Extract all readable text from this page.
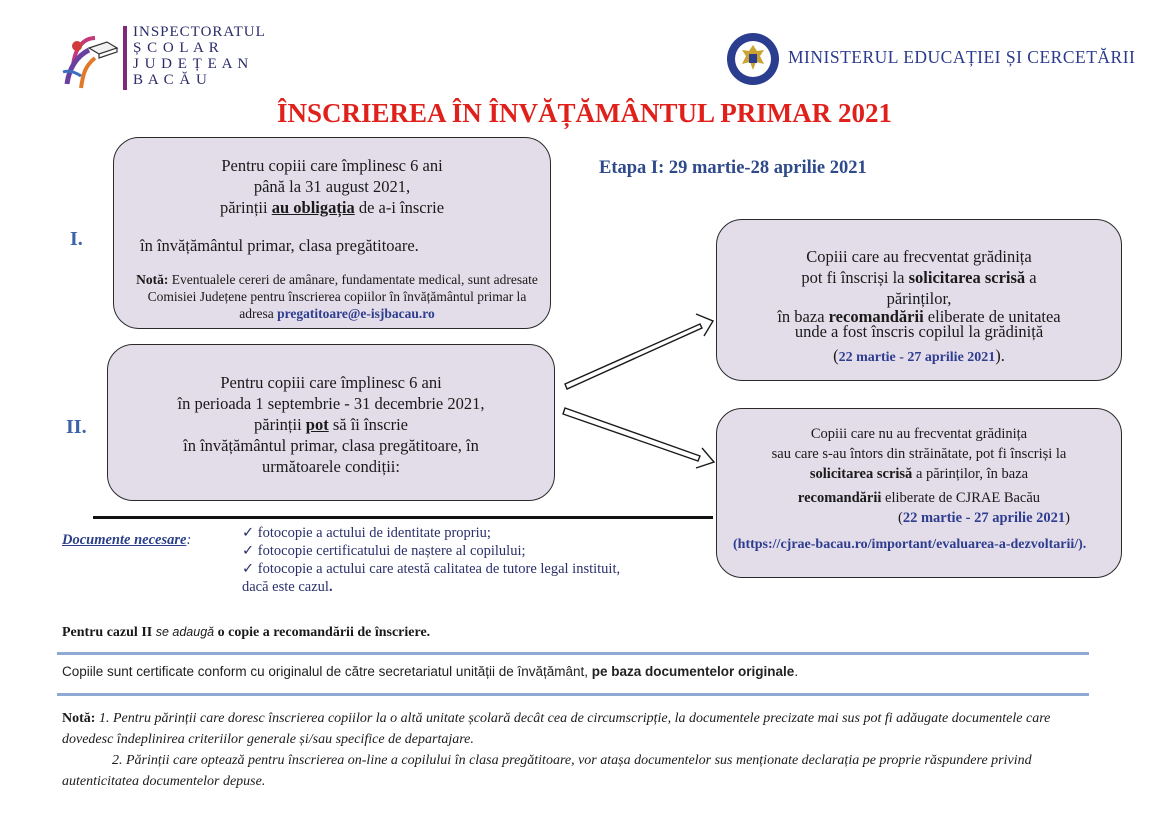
INSPECTORATUL
Ș C O L A R
J U D E Ț E A N
B A C Ă U
MINISTERUL EDUCAȚIEI ȘI CERCETĂRII
ÎNSCRIEREA ÎN ÎNVĂȚĂMÂNTUL PRIMAR 2021
Etapa I: 29 martie-28 aprilie 2021
I.
II.

Pentru copiii care împlinesc 6 ani

până la 31 august 2021,

părinții au obligația de a-i înscrie

în învățământul primar, clasa pregătitoare.
Notă: Eventualele cereri de amânare, fundamentate medical, sunt adresate Comisiei Județene pentru înscrierea copiilor în învățământul primar la adresa pregatitoare@e-isjbacau.ro

Pentru copiii care împlinesc 6 ani

în perioada 1 septembrie - 31 decembrie 2021,

părinții pot să îi înscrie

în învățământul primar, clasa pregătitoare, în

următoarele condiții:

Copiii care au frecventat grădinița
pot fi înscriși la solicitarea scrisă a
părinților,
în baza recomandării eliberate de unitatea
unde a fost înscris copilul la grădiniță
(22 martie - 27 aprilie 2021).
Copiii care nu au frecventat grădinița
sau care s-au întors din străinătate, pot fi înscriși la
solicitarea scrisă a părinților, în baza
recomandării eliberate de CJRAE Bacău
(22 martie - 27 aprilie 2021)
(https://cjrae-bacau.ro/important/evaluarea-a-dezvoltarii/).
Documente necesare:	✓ fotocopie a actului de identitate propriu;
✓ fotocopie certificatului de naștere al copilului;
✓ fotocopie a actului care atestă calitatea de tutore legal instituit,
dacă este cazul.
Pentru cazul II se adaugă o copie a recomandării de înscriere.
Copiile sunt certificate conform cu originalul de către secretariatul unității de învățământ, pe baza documentelor originale.
Notă: 1. Pentru părinții care doresc înscrierea copiilor la o altă unitate școlară decât cea de circumscripție, la documentele precizate mai sus pot fi adăugate documentele care dovedesc îndeplinirea criteriilor generale și/sau specifice de departajare.
2. Părinții care optează pentru înscrierea on-line a copilului în clasa pregătitoare, vor atașa documentelor sus menționate declarația pe proprie răspundere privind autenticitatea documentelor depuse.
